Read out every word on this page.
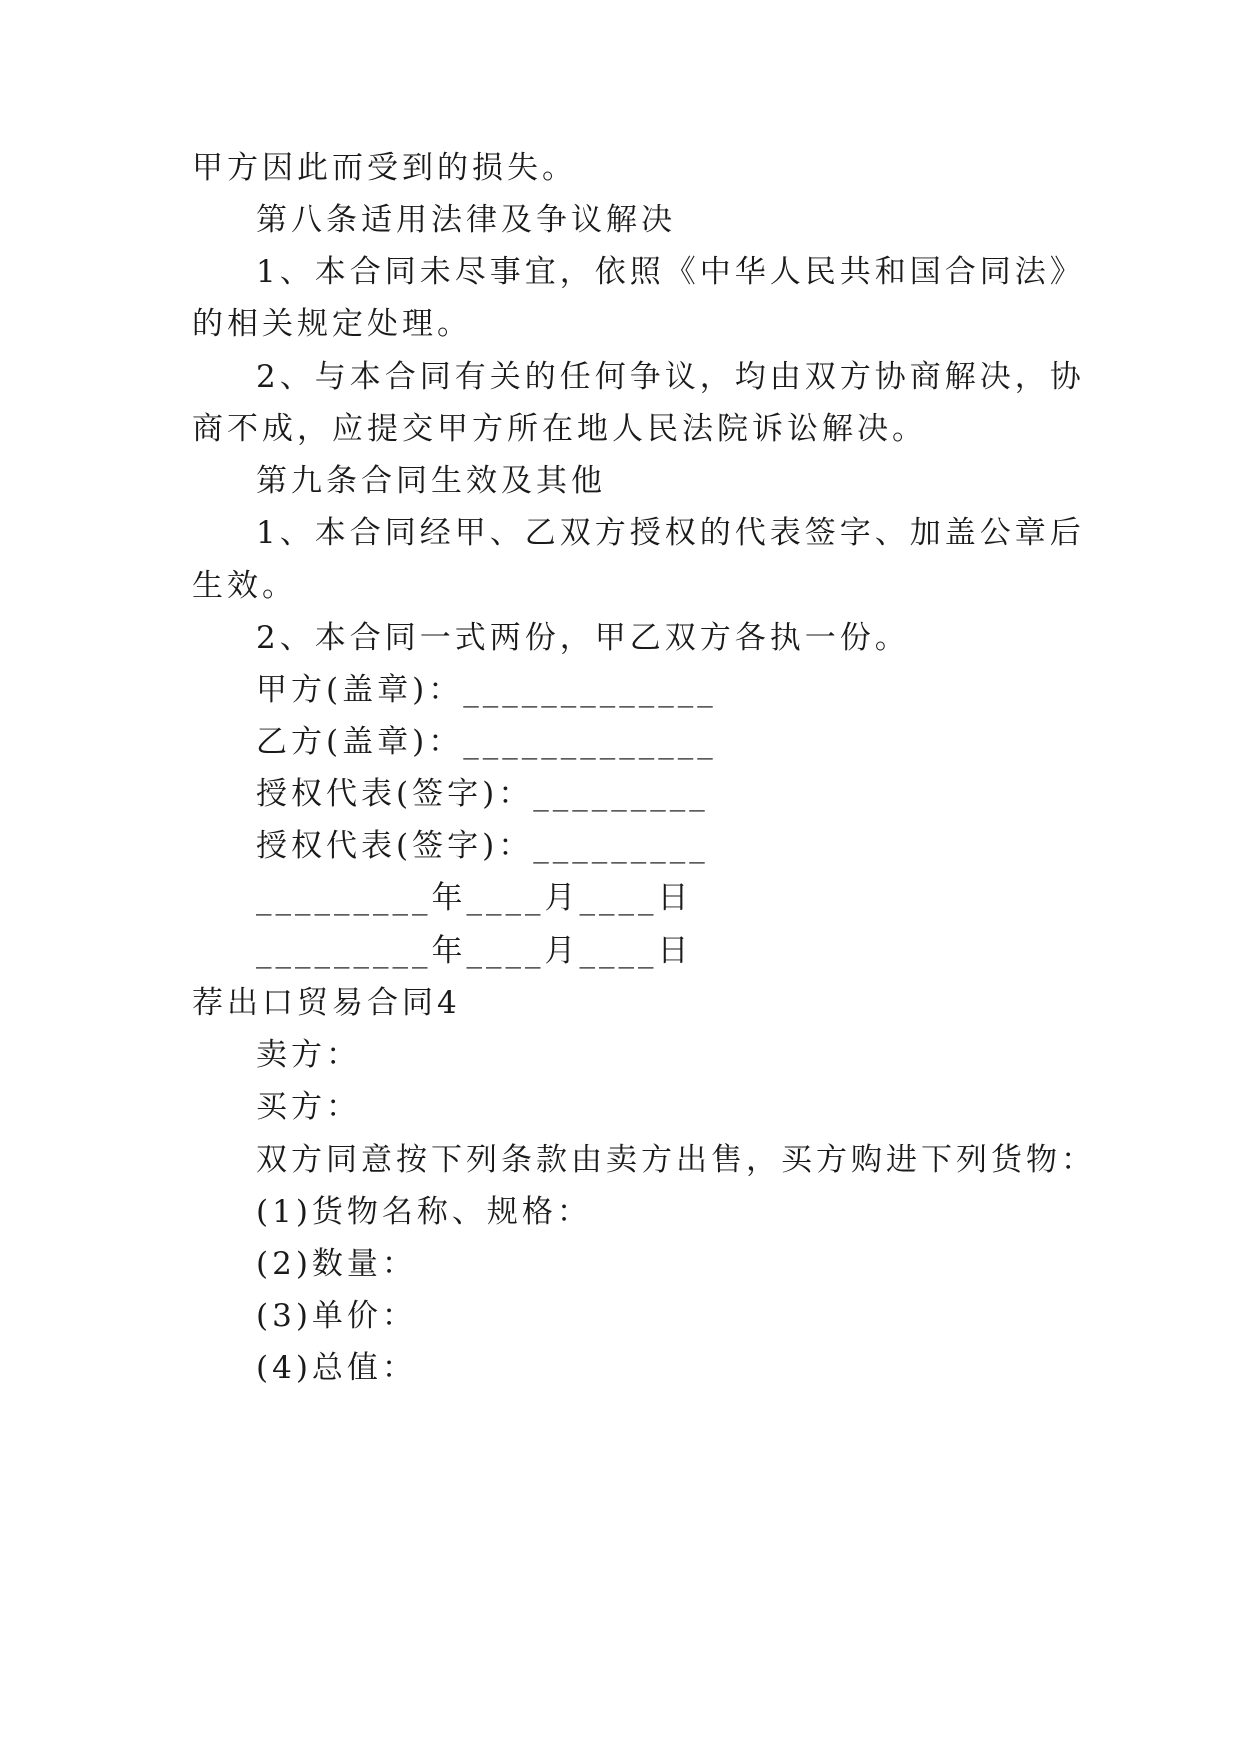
甲方因此而受到的损失。
第八条适用法律及争议解决
1、本合同未尽事宜，依照《中华人民共和国合同法》
的相关规定处理。
2、与本合同有关的任何争议，均由双方协商解决，协
商不成，应提交甲方所在地人民法院诉讼解决。
第九条合同生效及其他
1、本合同经甲、乙双方授权的代表签字、加盖公章后
生效。
2、本合同一式两份，甲乙双方各执一份。
甲方(盖章)：_____________
乙方(盖章)：_____________
授权代表(签字)：_________
授权代表(签字)：_________
_________年____月____日
_________年____月____日
荐出口贸易合同4
卖方：
买方：
双方同意按下列条款由卖方出售，买方购进下列货物：
(1)货物名称、规格：
(2)数量：
(3)单价：
(4)总值：
